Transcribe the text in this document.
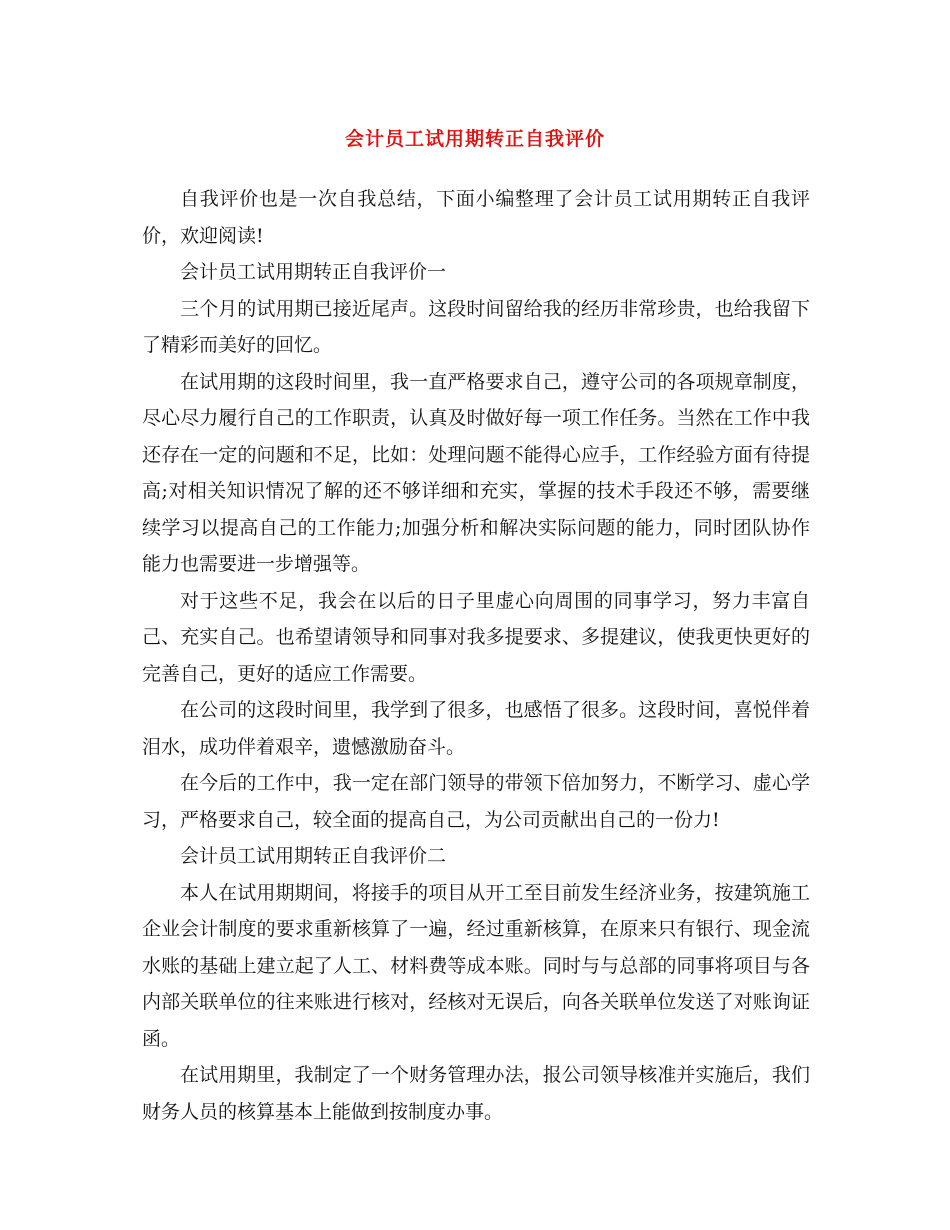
会计员工试用期转正自我评价

自我评价也是一次自我总结，下面小编整理了会计员工试用期转正自我评价，欢迎阅读!

会计员工试用期转正自我评价一

三个月的试用期已接近尾声。这段时间留给我的经历非常珍贵，也给我留下了精彩而美好的回忆。

在试用期的这段时间里，我一直严格要求自己，遵守公司的各项规章制度，尽心尽力履行自己的工作职责，认真及时做好每一项工作任务。当然在工作中我还存在一定的问题和不足，比如：处理问题不能得心应手，工作经验方面有待提高;对相关知识情况了解的还不够详细和充实，掌握的技术手段还不够，需要继续学习以提高自己的工作能力;加强分析和解决实际问题的能力，同时团队协作能力也需要进一步增强等。

对于这些不足，我会在以后的日子里虚心向周围的同事学习，努力丰富自己、充实自己。也希望请领导和同事对我多提要求、多提建议，使我更快更好的完善自己，更好的适应工作需要。

在公司的这段时间里，我学到了很多，也感悟了很多。这段时间，喜悦伴着泪水，成功伴着艰辛，遗憾激励奋斗。

在今后的工作中，我一定在部门领导的带领下倍加努力，不断学习、虚心学习，严格要求自己，较全面的提高自己，为公司贡献出自己的一份力!

会计员工试用期转正自我评价二

本人在试用期期间，将接手的项目从开工至目前发生经济业务，按建筑施工企业会计制度的要求重新核算了一遍，经过重新核算，在原来只有银行、现金流水账的基础上建立起了人工、材料费等成本账。同时与与总部的同事将项目与各内部关联单位的往来账进行核对，经核对无误后，向各关联单位发送了对账询证函。

在试用期里，我制定了一个财务管理办法，报公司领导核准并实施后，我们财务人员的核算基本上能做到按制度办事。
